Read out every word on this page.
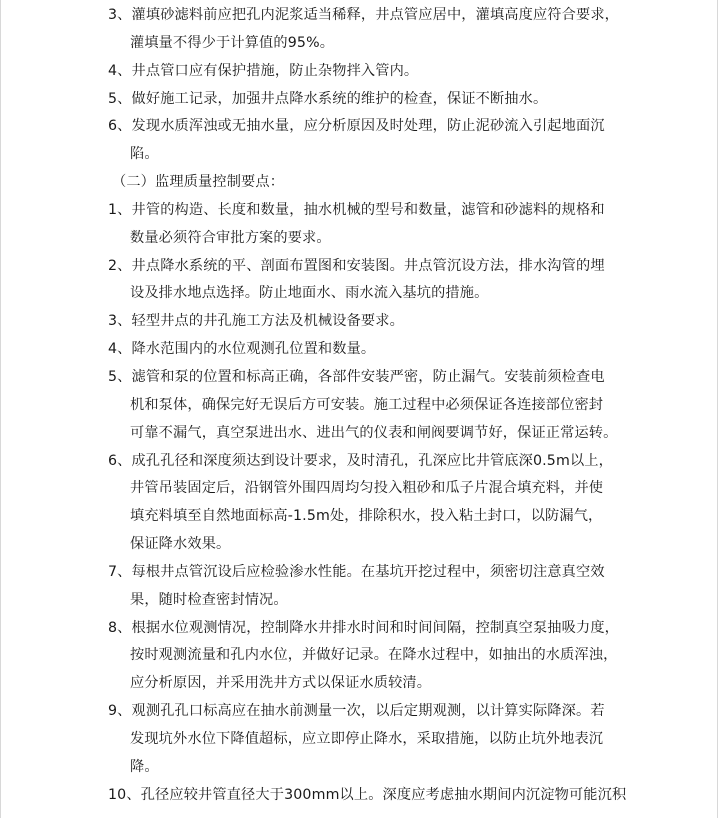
3、灌填砂滤料前应把孔内泥浆适当稀释，井点管应居中，灌填高度应符合要求，
灌填量不得少于计算值的95%。
4、井点管口应有保护措施，防止杂物拌入管内。
5、做好施工记录，加强井点降水系统的维护的检查，保证不断抽水。
6、发现水质浑浊或无抽水量，应分析原因及时处理，防止泥砂流入引起地面沉
陷。
（二）监理质量控制要点：
1、井管的构造、长度和数量，抽水机械的型号和数量，滤管和砂滤料的规格和
数量必须符合审批方案的要求。
2、井点降水系统的平、剖面布置图和安装图。井点管沉设方法，排水沟管的埋
设及排水地点选择。防止地面水、雨水流入基坑的措施。
3、轻型井点的井孔施工方法及机械设备要求。
4、降水范围内的水位观测孔位置和数量。
5、滤管和泵的位置和标高正确，各部件安装严密，防止漏气。安装前须检查电
机和泵体，确保完好无误后方可安装。施工过程中必须保证各连接部位密封
可靠不漏气，真空泵进出水、进出气的仪表和闸阀要调节好，保证正常运转。
6、成孔孔径和深度须达到设计要求，及时清孔，孔深应比井管底深0.5m以上，
井管吊装固定后，沿钢管外围四周均匀投入粗砂和瓜子片混合填充料，并使
填充料填至自然地面标高-1.5m处，排除积水，投入粘土封口，以防漏气，
保证降水效果。
7、每根井点管沉设后应检验渗水性能。在基坑开挖过程中，须密切注意真空效
果，随时检查密封情况。
8、根据水位观测情况，控制降水井排水时间和时间间隔，控制真空泵抽吸力度，
按时观测流量和孔内水位，并做好记录。在降水过程中，如抽出的水质浑浊，
应分析原因，并采用洗井方式以保证水质较清。
9、观测孔孔口标高应在抽水前测量一次，以后定期观测，以计算实际降深。若
发现坑外水位下降值超标，应立即停止降水，采取措施，以防止坑外地表沉
降。
10、孔径应较井管直径大于300mm以上。深度应考虑抽水期间内沉淀物可能沉积
